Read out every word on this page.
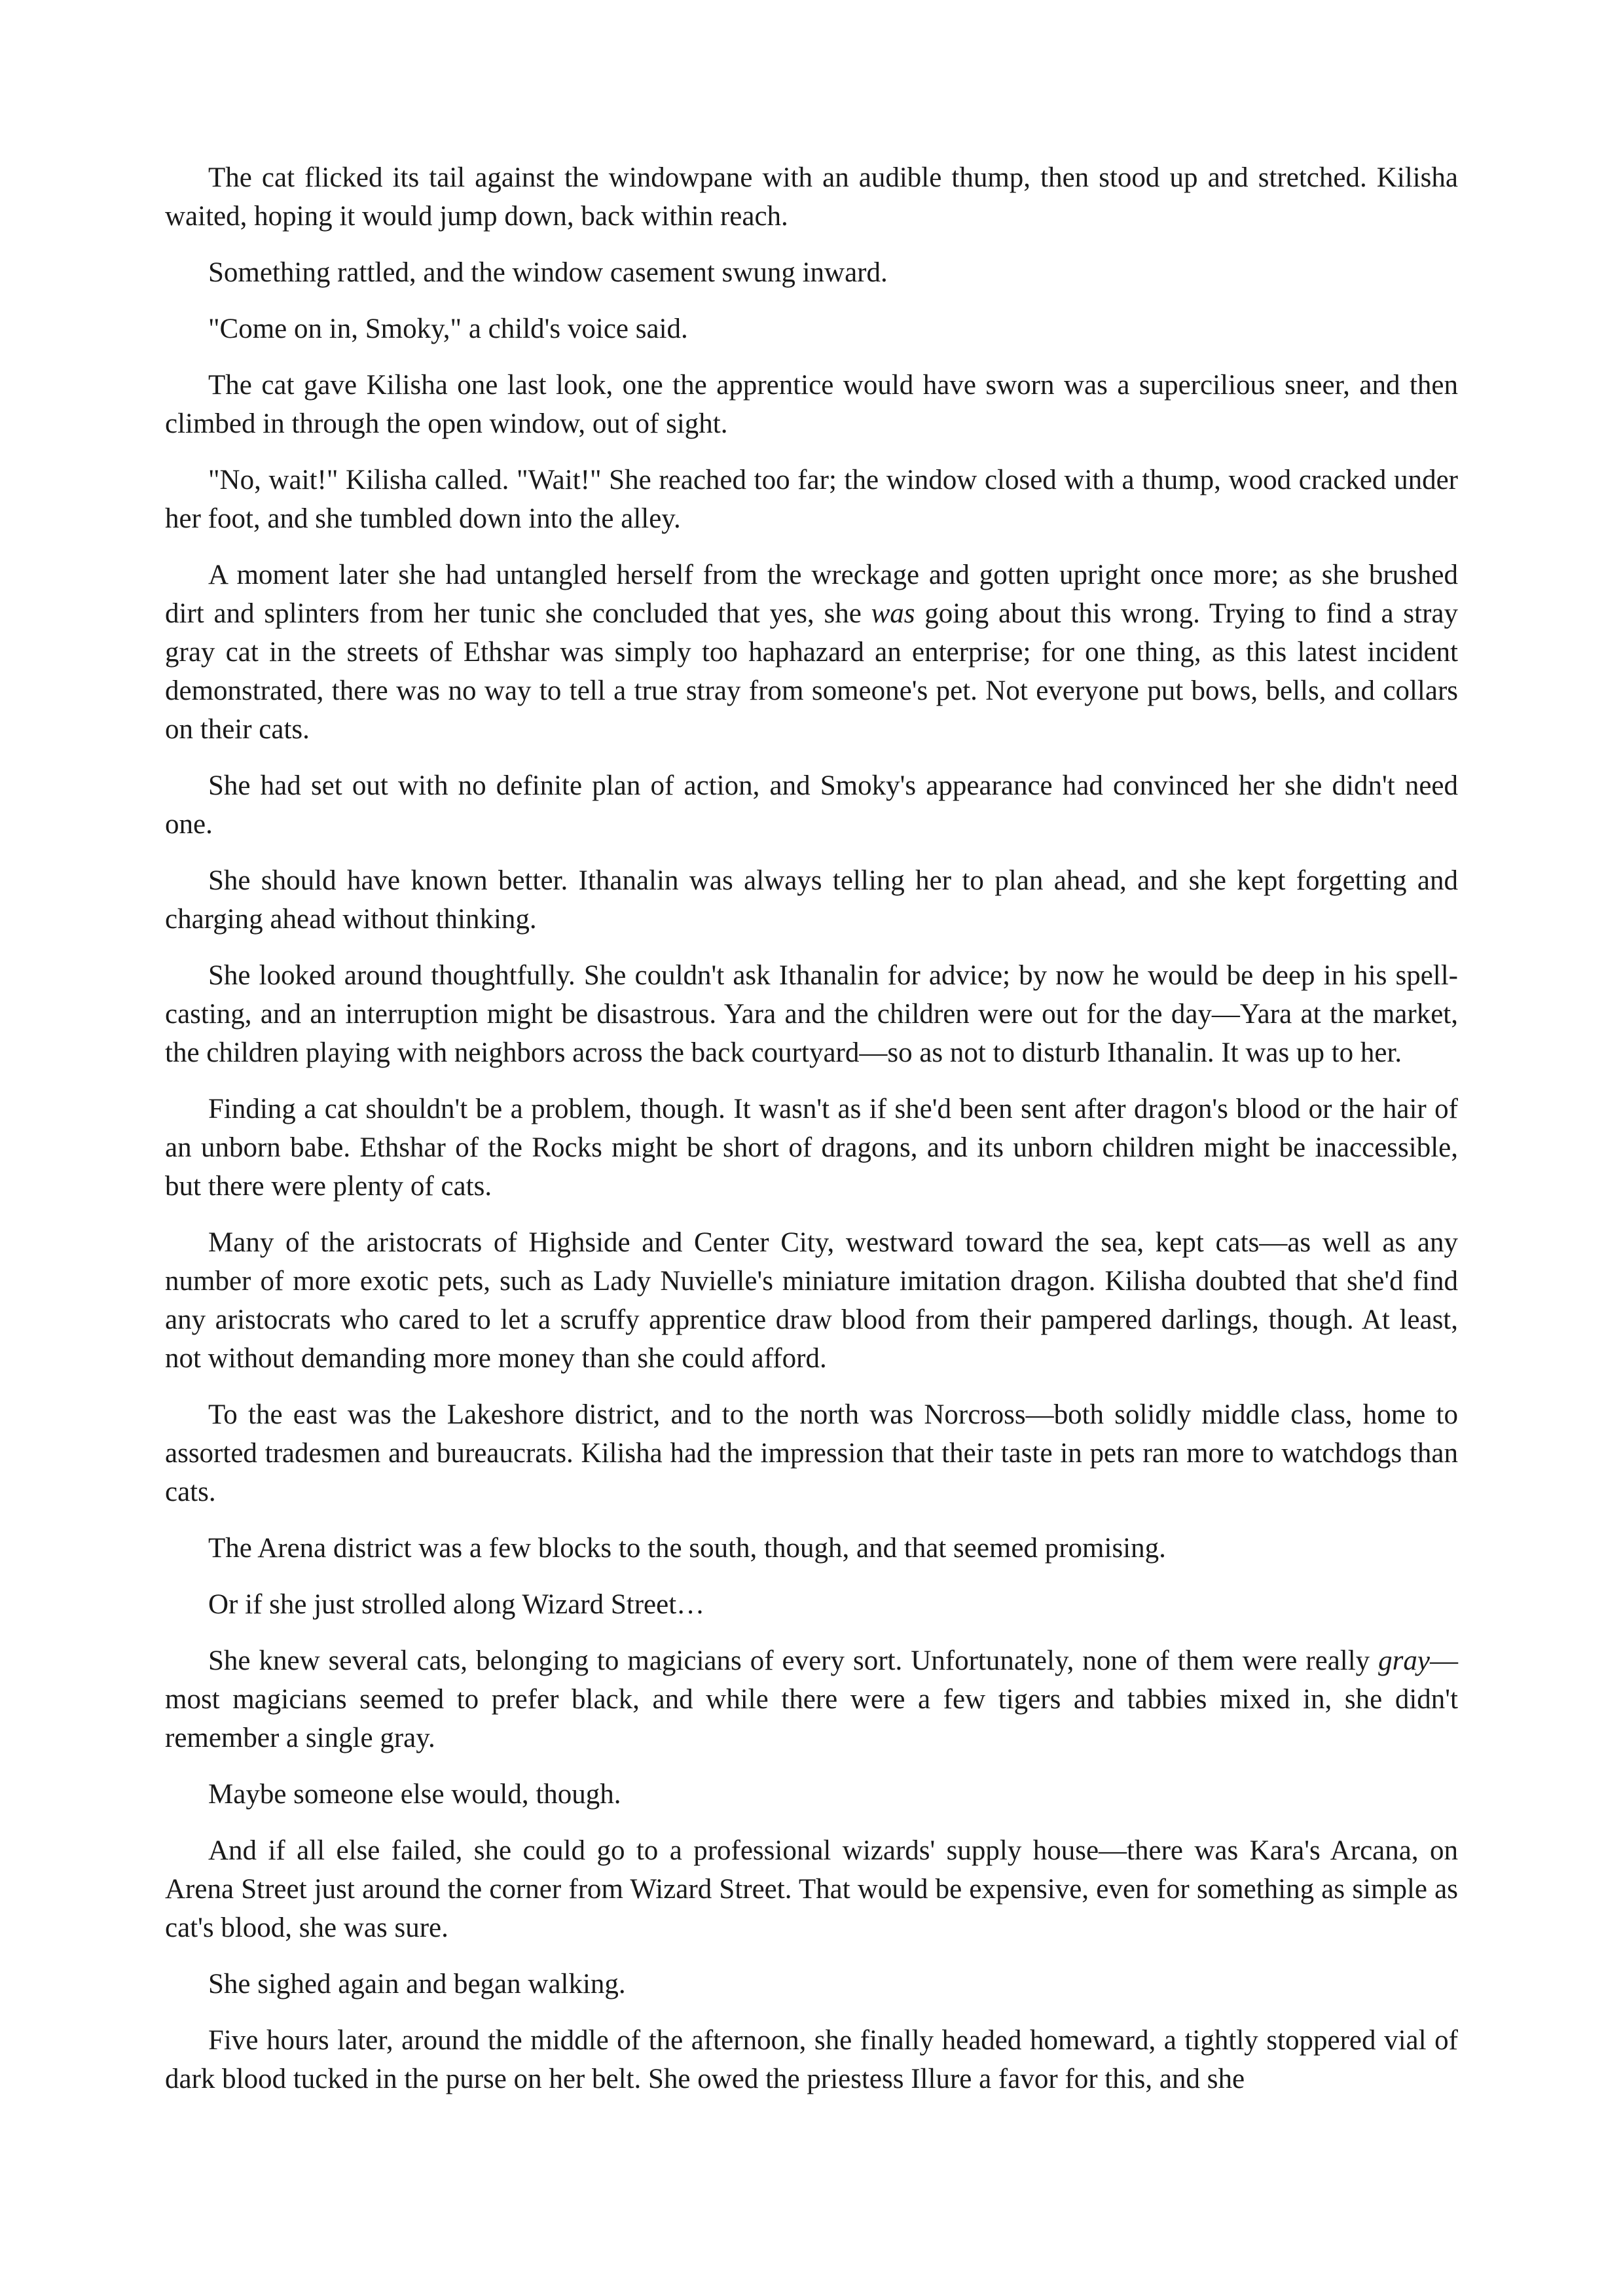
The cat flicked its tail against the windowpane with an audible thump, then stood up and stretched. Kilisha waited, hoping it would jump down, back within reach.

Something rattled, and the window casement swung inward.

"Come on in, Smoky," a child's voice said.

The cat gave Kilisha one last look, one the apprentice would have sworn was a supercilious sneer, and then climbed in through the open window, out of sight.

"No, wait!" Kilisha called. "Wait!" She reached too far; the window closed with a thump, wood cracked under her foot, and she tumbled down into the alley.

A moment later she had untangled herself from the wreckage and gotten upright once more; as she brushed dirt and splinters from her tunic she concluded that yes, she was going about this wrong. Trying to find a stray gray cat in the streets of Ethshar was simply too haphazard an enterprise; for one thing, as this latest incident demonstrated, there was no way to tell a true stray from someone's pet. Not everyone put bows, bells, and collars on their cats.

She had set out with no definite plan of action, and Smoky's appearance had convinced her she didn't need one.

She should have known better. Ithanalin was always telling her to plan ahead, and she kept forgetting and charging ahead without thinking.

She looked around thoughtfully. She couldn't ask Ithanalin for advice; by now he would be deep in his spell-casting, and an interruption might be disastrous. Yara and the children were out for the day—Yara at the market, the children playing with neighbors across the back courtyard—so as not to disturb Ithanalin. It was up to her.

Finding a cat shouldn't be a problem, though. It wasn't as if she'd been sent after dragon's blood or the hair of an unborn babe. Ethshar of the Rocks might be short of dragons, and its unborn children might be inaccessible, but there were plenty of cats.

Many of the aristocrats of Highside and Center City, westward toward the sea, kept cats—as well as any number of more exotic pets, such as Lady Nuvielle's miniature imitation dragon. Kilisha doubted that she'd find any aristocrats who cared to let a scruffy apprentice draw blood from their pampered darlings, though. At least, not without demanding more money than she could afford.

To the east was the Lakeshore district, and to the north was Norcross—both solidly middle class, home to assorted tradesmen and bureaucrats. Kilisha had the impression that their taste in pets ran more to watchdogs than cats.

The Arena district was a few blocks to the south, though, and that seemed promising.

Or if she just strolled along Wizard Street…

She knew several cats, belonging to magicians of every sort. Unfortunately, none of them were really gray—most magicians seemed to prefer black, and while there were a few tigers and tabbies mixed in, she didn't remember a single gray.

Maybe someone else would, though.

And if all else failed, she could go to a professional wizards' supply house—there was Kara's Arcana, on Arena Street just around the corner from Wizard Street. That would be expensive, even for something as simple as cat's blood, she was sure.

She sighed again and began walking.

Five hours later, around the middle of the afternoon, she finally headed homeward, a tightly stoppered vial of dark blood tucked in the purse on her belt. She owed the priestess Illure a favor for this, and she
